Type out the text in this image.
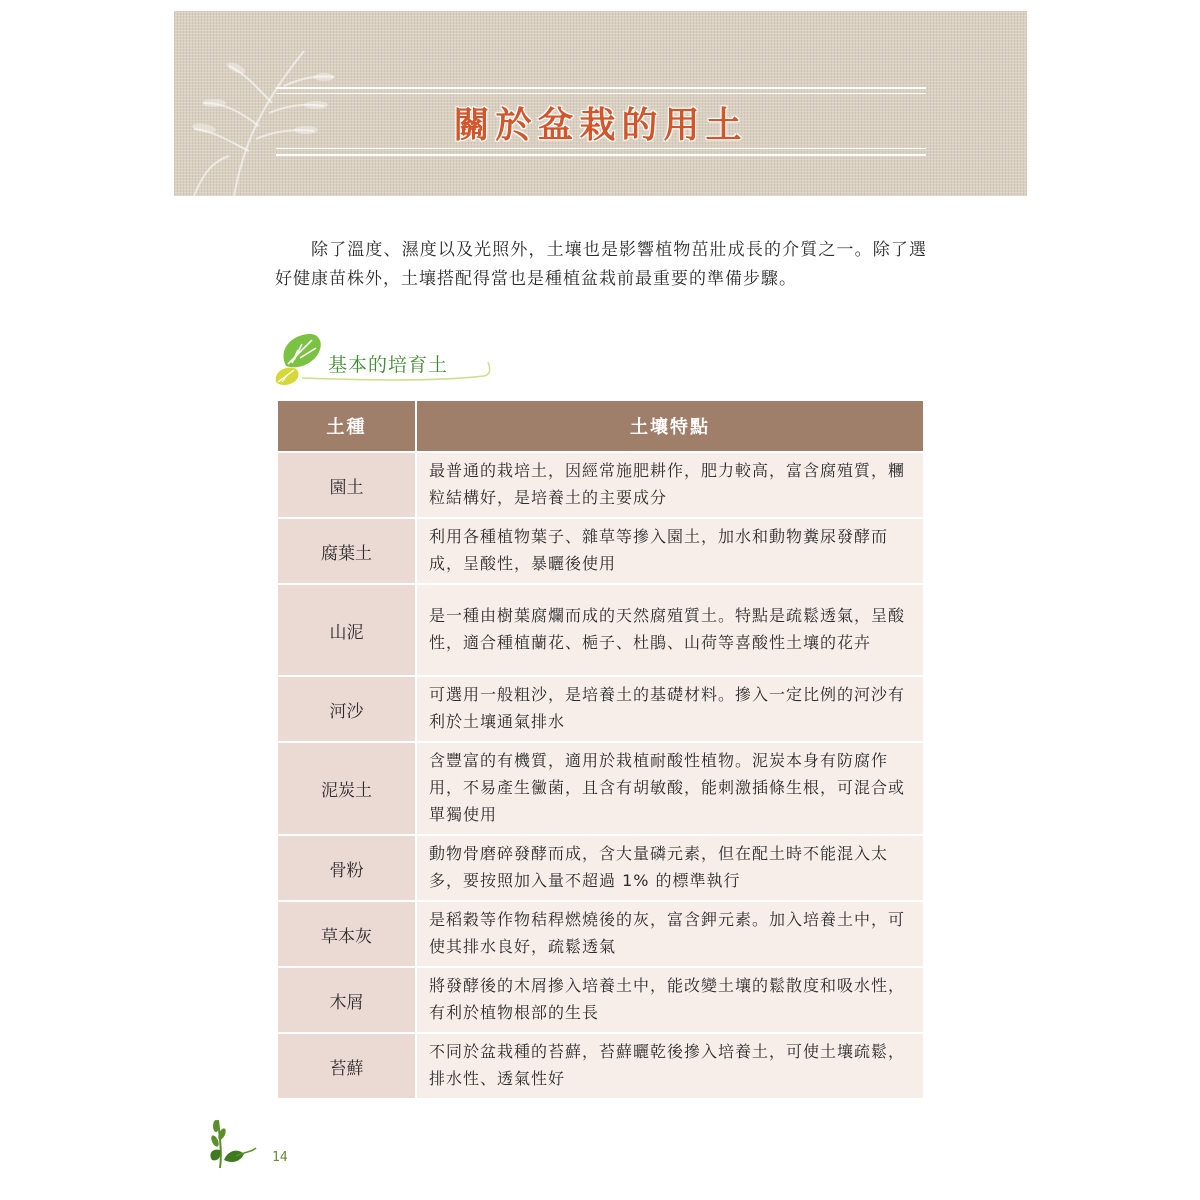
關於盆栽的用土

除了溫度、濕度以及光照外，土壤也是影響植物茁壯成長的介質之一。除了選好健康苗株外，土壤搭配得當也是種植盆栽前最重要的準備步驟。

基本的培育土
土種	土壤特點
園土	最普通的栽培土，因經常施肥耕作，肥力較高，富含腐殖質，糰粒結構好，是培養土的主要成分
腐葉土	利用各種植物葉子、雜草等摻入園土，加水和動物糞尿發酵而成，呈酸性，暴曬後使用
山泥	是一種由樹葉腐爛而成的天然腐殖質土。特點是疏鬆透氣，呈酸性，適合種植蘭花、梔子、杜鵑、山荷等喜酸性土壤的花卉
河沙	可選用一般粗沙，是培養土的基礎材料。摻入一定比例的河沙有利於土壤通氣排水
泥炭土	含豐富的有機質，適用於栽植耐酸性植物。泥炭本身有防腐作用，不易產生黴菌，且含有胡敏酸，能刺激插條生根，可混合或單獨使用
骨粉	動物骨磨碎發酵而成，含大量磷元素，但在配土時不能混入太多，要按照加入量不超過 1% 的標準執行
草本灰	是稻穀等作物秸稈燃燒後的灰，富含鉀元素。加入培養土中，可使其排水良好，疏鬆透氣
木屑	將發酵後的木屑摻入培養土中，能改變土壤的鬆散度和吸水性，有利於植物根部的生長
苔蘚	不同於盆栽種的苔蘚，苔蘚曬乾後摻入培養土，可使土壤疏鬆，排水性、透氣性好
14
